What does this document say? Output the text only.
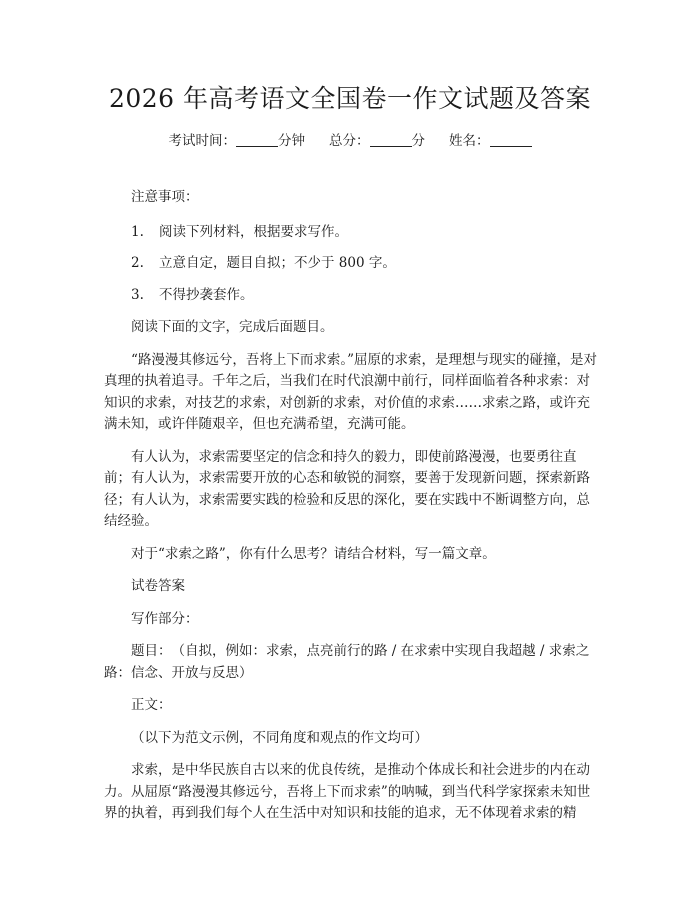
2026 年高考语文全国卷一作文试题及答案
考试时间：	分钟 总分：	分 姓名：

注意事项：

1. 阅读下列材料，根据要求写作。

2. 立意自定，题目自拟；不少于 800 字。

3. 不得抄袭套作。

阅读下面的文字，完成后面题目。

“路漫漫其修远兮，吾将上下而求索。”屈原的求索，是理想与现实的碰撞，是对真理的执着追寻。千年之后，当我们在时代浪潮中前行，同样面临着各种求索：对知识的求索，对技艺的求索，对创新的求索，对价值的求索……求索之路，或许充满未知，或许伴随艰辛，但也充满希望，充满可能。

有人认为，求索需要坚定的信念和持久的毅力，即使前路漫漫，也要勇往直前；有人认为，求索需要开放的心态和敏锐的洞察，要善于发现新问题，探索新路径；有人认为，求索需要实践的检验和反思的深化，要在实践中不断调整方向，总结经验。

对于“求索之路”，你有什么思考？请结合材料，写一篇文章。

试卷答案

写作部分：

题目：　（自拟，例如：求索，点亮前行的路 / 在求索中实现自我超越 / 求索之路：信念、开放与反思）

正文：

（以下为范文示例，不同角度和观点的作文均可）

求索，是中华民族自古以来的优良传统，是推动个体成长和社会进步的内在动力。从屈原“路漫漫其修远兮，吾将上下而求索”的呐喊，到当代科学家探索未知世界的执着，再到我们每个人在生活中对知识和技能的追求，无不体现着求索的精
